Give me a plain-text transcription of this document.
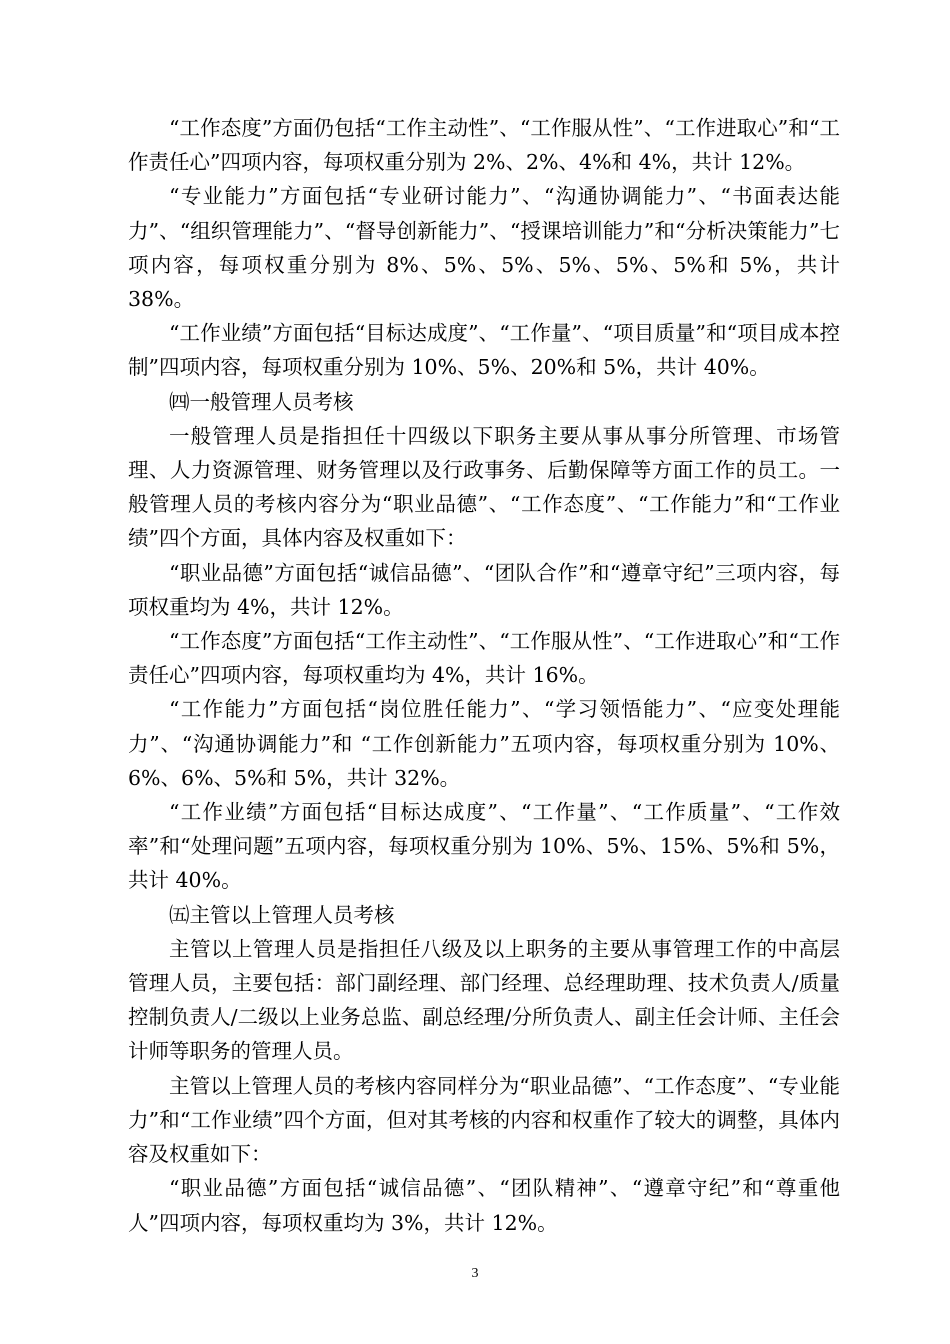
“工作态度”方面仍包括“工作主动性”、“工作服从性”、“工作进取心”和“工作责任心”四项内容，每项权重分别为 2%、2%、4%和 4%，共计 12%。

“专业能力”方面包括“专业研讨能力”、“沟通协调能力”、“书面表达能力”、“组织管理能力”、“督导创新能力”、“授课培训能力”和“分析决策能力”七项内容，每项权重分别为 8%、5%、5%、5%、5%、5%和 5%，共计 38%。

“工作业绩”方面包括“目标达成度”、“工作量”、“项目质量”和“项目成本控制”四项内容，每项权重分别为 10%、5%、20%和 5%，共计 40%。

㈣一般管理人员考核

一般管理人员是指担任十四级以下职务主要从事从事分所管理、市场管理、人力资源管理、财务管理以及行政事务、后勤保障等方面工作的员工。一般管理人员的考核内容分为“职业品德”、“工作态度”、“工作能力”和“工作业绩”四个方面，具体内容及权重如下：

“职业品德”方面包括“诚信品德”、“团队合作”和“遵章守纪”三项内容，每项权重均为 4%，共计 12%。

“工作态度”方面包括“工作主动性”、“工作服从性”、“工作进取心”和“工作责任心”四项内容，每项权重均为 4%，共计 16%。

“工作能力”方面包括“岗位胜任能力”、“学习领悟能力”、“应变处理能力”、“沟通协调能力”和 “工作创新能力”五项内容，每项权重分别为 10%、6%、6%、5%和 5%，共计 32%。

“工作业绩”方面包括“目标达成度”、“工作量”、“工作质量”、“工作效率”和“处理问题”五项内容，每项权重分别为 10%、5%、15%、5%和 5%，共计 40%。

㈤主管以上管理人员考核

主管以上管理人员是指担任八级及以上职务的主要从事管理工作的中高层管理人员，主要包括：部门副经理、部门经理、总经理助理、技术负责人/质量控制负责人/二级以上业务总监、副总经理/分所负责人、副主任会计师、主任会计师等职务的管理人员。

主管以上管理人员的考核内容同样分为“职业品德”、“工作态度”、“专业能力”和“工作业绩”四个方面，但对其考核的内容和权重作了较大的调整，具体内容及权重如下：

“职业品德”方面包括“诚信品德”、“团队精神”、“遵章守纪”和“尊重他人”四项内容，每项权重均为 3%，共计 12%。

3
